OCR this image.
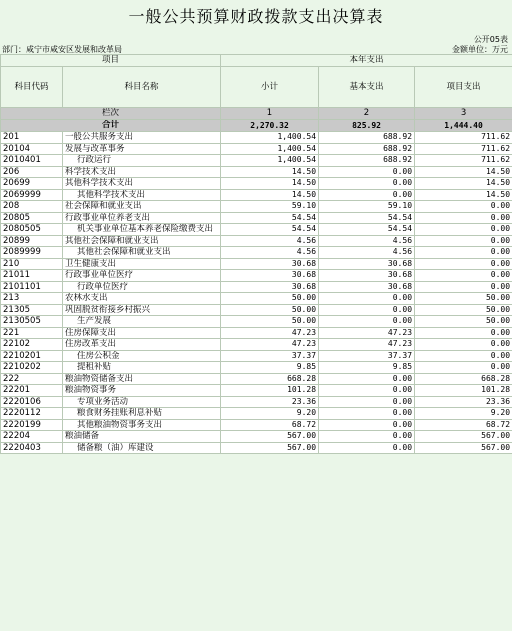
一般公共预算财政拨款支出决算表
公开05表
部门：咸宁市咸安区发展和改革局	金额单位：万元
项目		本年支出		
科目代码	科目名称	小计	基本支出	项目支出
栏次		1	2	3
合计		2,270.32	825.92	1,444.40
201	一般公共服务支出	1,400.54	688.92	711.62
20104	发展与改革事务	1,400.54	688.92	711.62
2010401	行政运行	1,400.54	688.92	711.62
206	科学技术支出	14.50	0.00	14.50
20699	其他科学技术支出	14.50	0.00	14.50
2069999	其他科学技术支出	14.50	0.00	14.50
208	社会保障和就业支出	59.10	59.10	0.00
20805	行政事业单位养老支出	54.54	54.54	0.00
2080505	机关事业单位基本养老保险缴费支出	54.54	54.54	0.00
20899	其他社会保障和就业支出	4.56	4.56	0.00
2089999	其他社会保障和就业支出	4.56	4.56	0.00
210	卫生健康支出	30.68	30.68	0.00
21011	行政事业单位医疗	30.68	30.68	0.00
2101101	行政单位医疗	30.68	30.68	0.00
213	农林水支出	50.00	0.00	50.00
21305	巩固脱贫衔接乡村振兴	50.00	0.00	50.00
2130505	生产发展	50.00	0.00	50.00
221	住房保障支出	47.23	47.23	0.00
22102	住房改革支出	47.23	47.23	0.00
2210201	住房公积金	37.37	37.37	0.00
2210202	提租补贴	9.85	9.85	0.00
222	粮油物资储备支出	668.28	0.00	668.28
22201	粮油物资事务	101.28	0.00	101.28
2220106	专项业务活动	23.36	0.00	23.36
2220112	粮食财务挂账利息补贴	9.20	0.00	9.20
2220199	其他粮油物资事务支出	68.72	0.00	68.72
22204	粮油储备	567.00	0.00	567.00
2220403	储备粮（油）库建设	567.00	0.00	567.00
